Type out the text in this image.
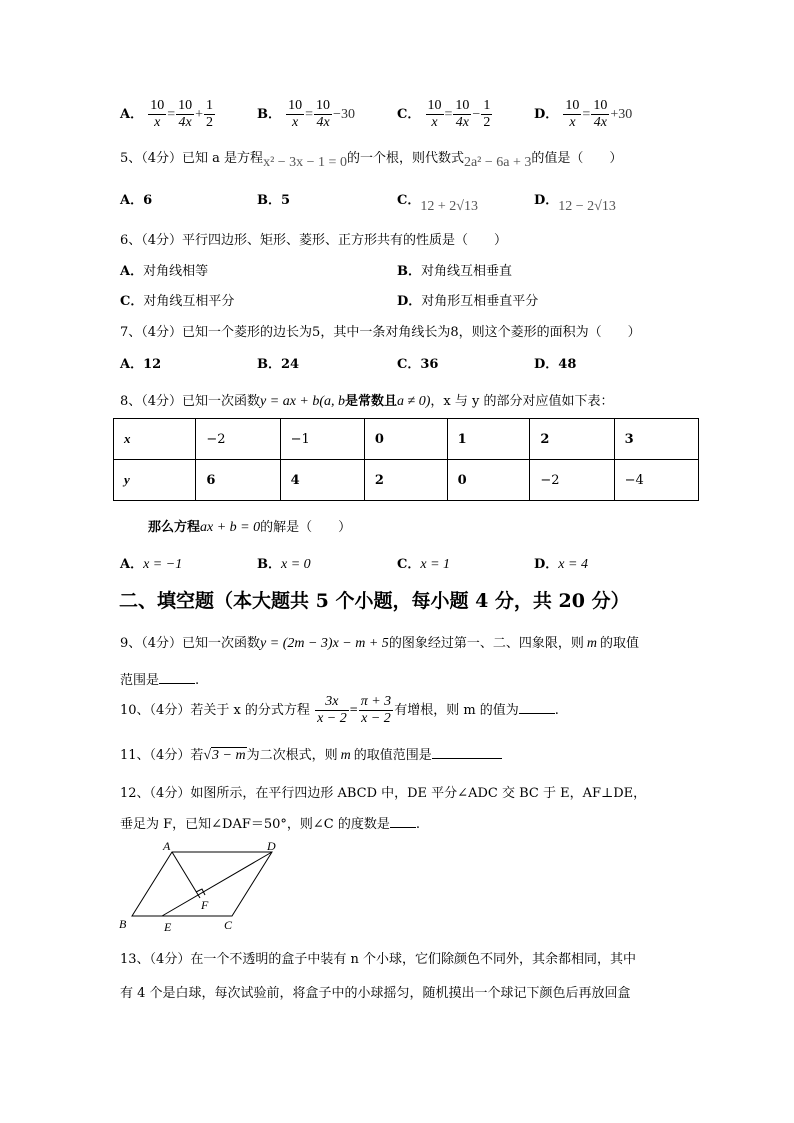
A． $\frac{10}{x} = \frac{10}{4x} + \frac{1}{2}$	B． $\frac{10}{x} = \frac{10}{4x} -30$	C． $\frac{10}{x} = \frac{10}{4x} - \frac{1}{2}$	D． $\frac{10}{x} = \frac{10}{4x} +30$
5、（4分）已知 a 是方程x² − 3x − 1 = 0的一个根，则代数式2a² − 6a + 3的值是（　　）
A．6	B．5	C．12 + 2√13	D．12 − 2√13
6、（4分）平行四边形、矩形、菱形、正方形共有的性质是（　　）
A．对角线相等	B．对角线互相垂直
C．对角线互相平分	D．对角形互相垂直平分
7、（4分）已知一个菱形的边长为5，其中一条对角线长为8，则这个菱形的面积为（　　）
A．12	B．24	C．36	D．48
8、（4分）已知一次函数y = ax + b(a, b是常数且a ≠ 0)，x 与 y 的部分对应值如下表：
x	−2	−1	0	1	2	3
y	6	4	2	0	−2	−4
那么方程ax + b = 0的解是（　　）
A．x = −1	B．x = 0	C．x = 1	D．x = 4
二、填空题（本大题共 5 个小题，每小题 4 分，共 20 分）
9、（4分）已知一次函数y = (2m − 3)x − m + 5的图象经过第一、二、四象限，则 m 的取值
范围是	.
10、（4分）若关于 x 的分式方程 $\frac{3x}{x - 2} = \frac{\pi + 3}{x - 2}$ 有增根，则 m 的值为	.
11、（4分）若√3 − m为二次根式，则 m 的取值范围是
12、（4分）如图所示，在平行四边形 ABCD 中，DE 平分∠ADC 交 BC 于 E，AF⊥DE，
垂足为 F，已知∠DAF＝50°，则∠C 的度数是 .
A	D
F
B	E	C
13、（4分）在一个不透明的盒子中装有 n 个小球，它们除颜色不同外，其余都相同，其中
有 4 个是白球，每次试验前，将盒子中的小球摇匀，随机摸出一个球记下颜色后再放回盒
